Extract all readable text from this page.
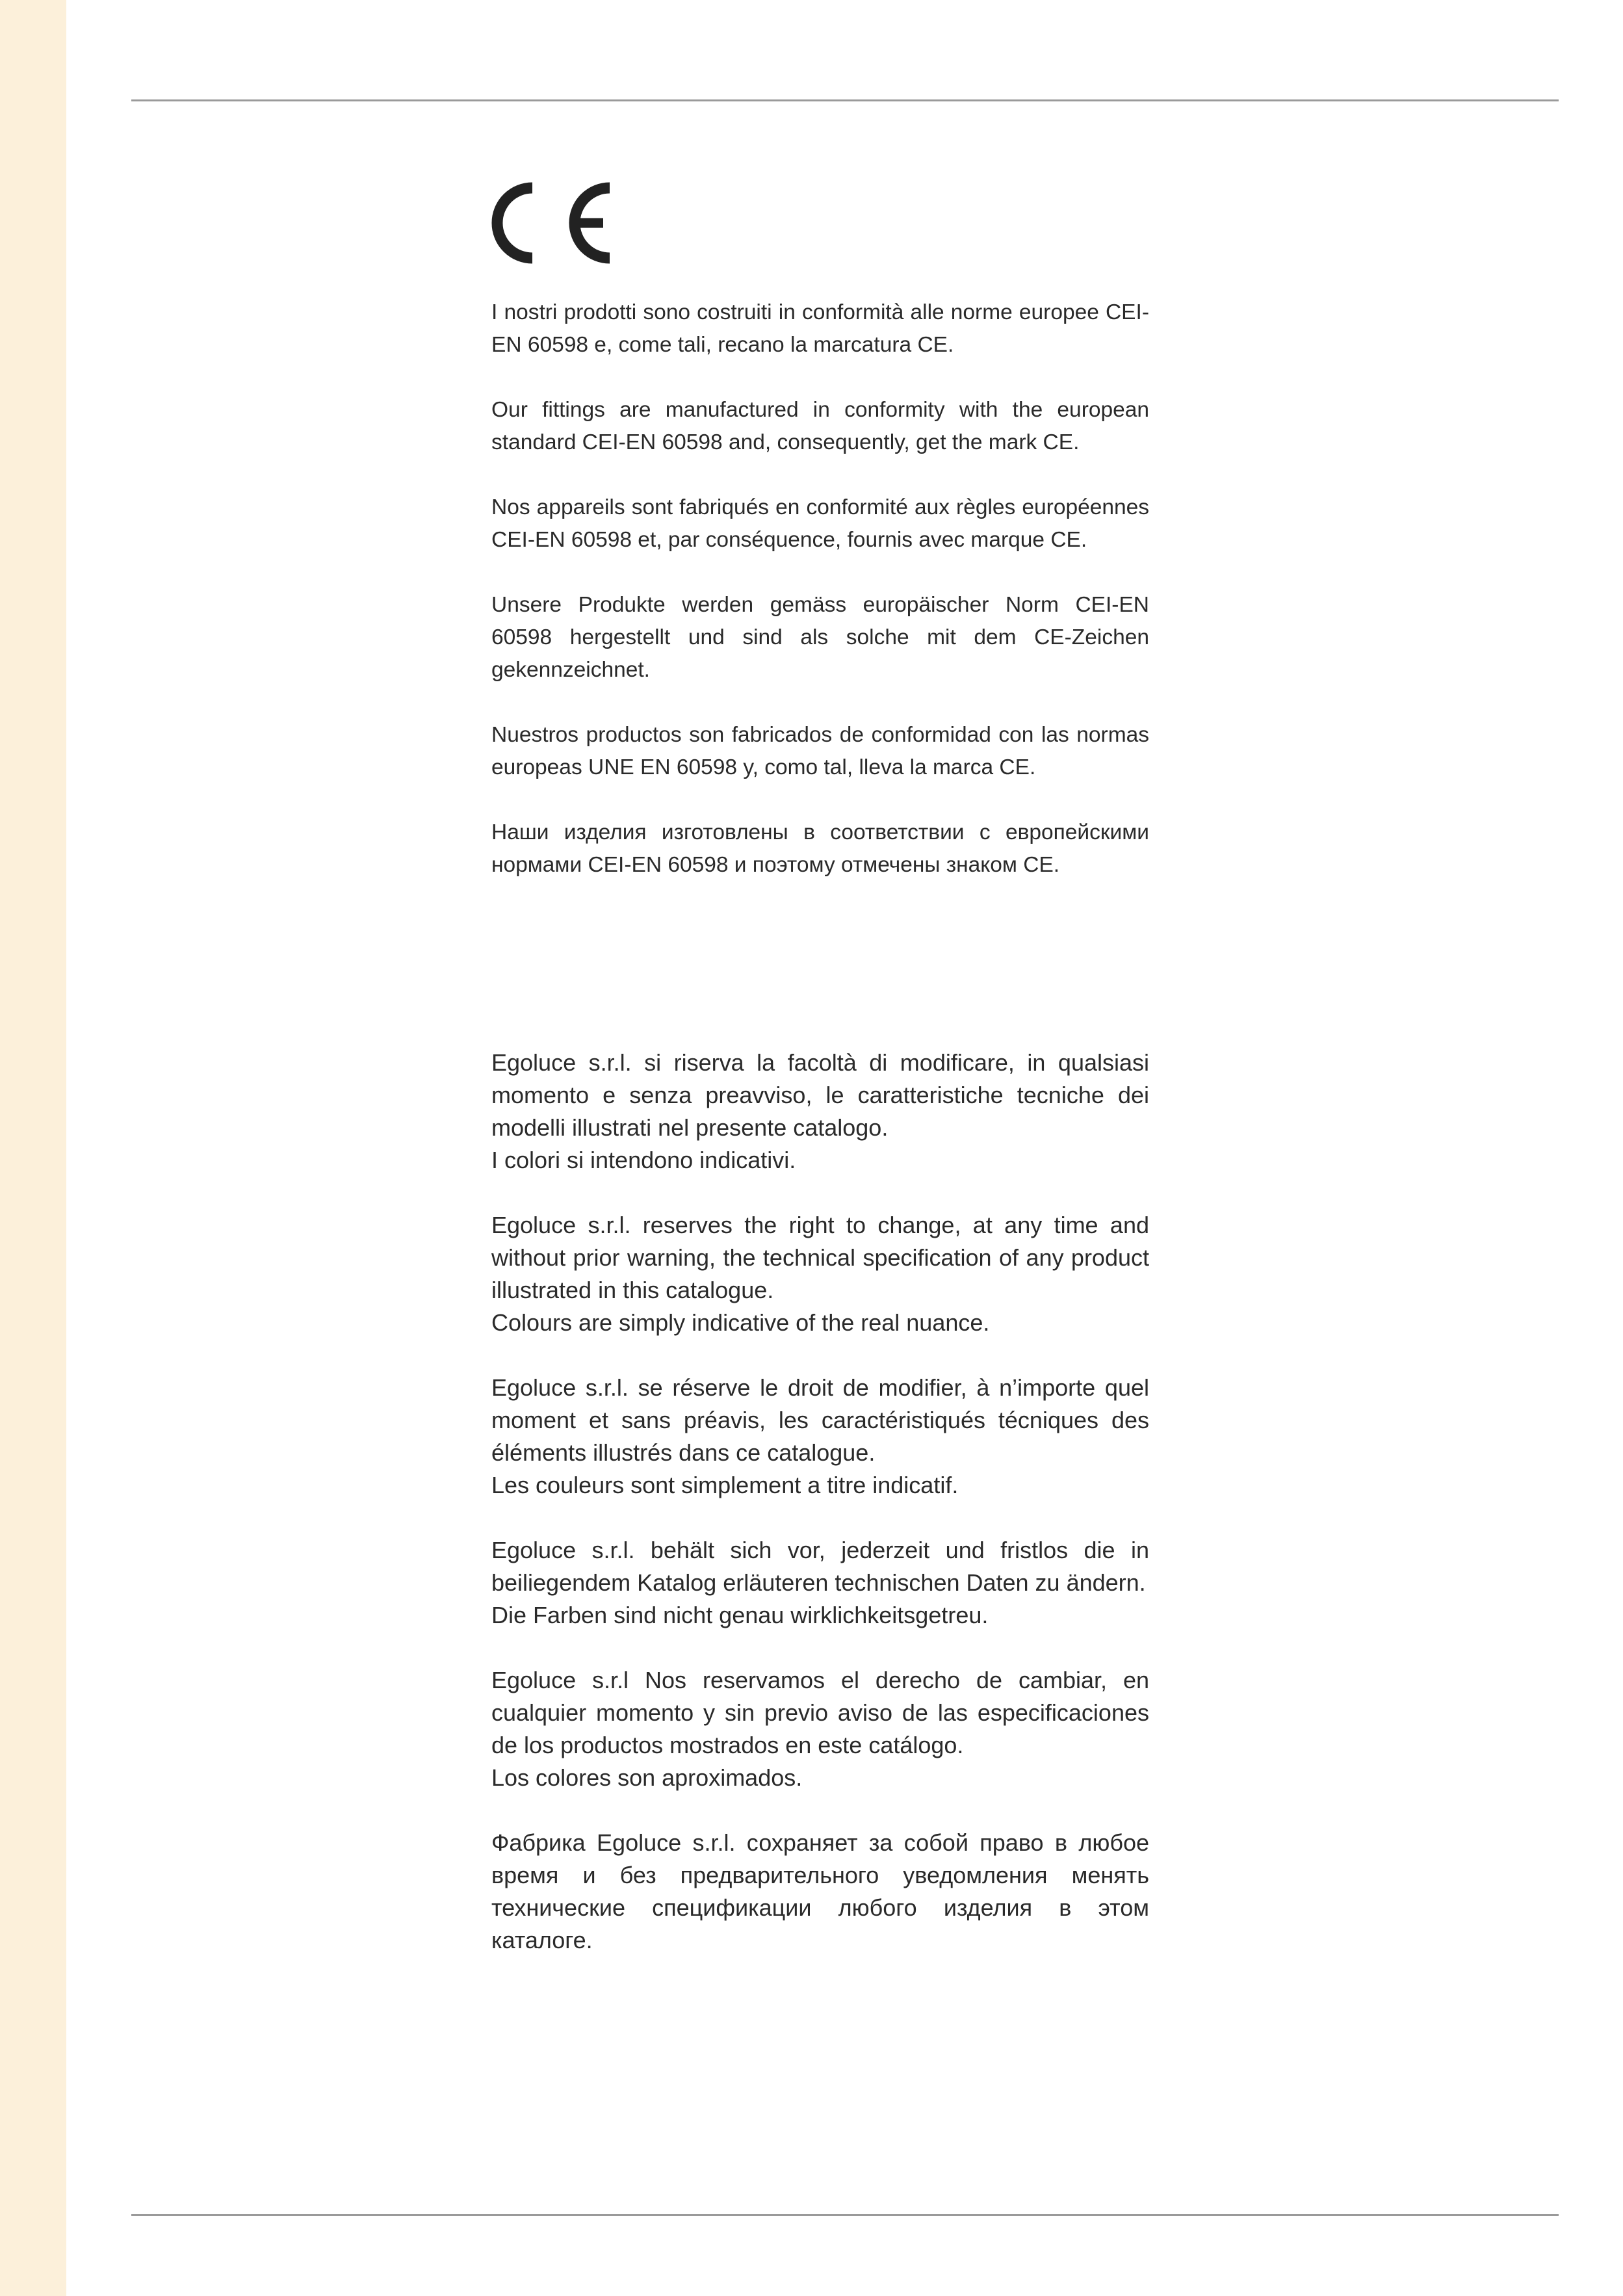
I nostri prodotti sono costruiti in conformità alle norme europee CEI-EN 60598 e, come tali, recano la marcatura CE.

Our fittings are manufactured in conformity with the european standard CEI-EN 60598 and, consequently, get the mark CE.

Nos appareils sont fabriqués en conformité aux règles européennes CEI-EN 60598 et, par conséquence, fournis avec marque CE.

Unsere Produkte werden gemäss europäischer Norm CEI-EN 60598 hergestellt und sind als solche mit dem CE-Zeichen gekennzeichnet.

Nuestros productos son fabricados de conformidad con las normas europeas UNE EN 60598 y, como tal, lleva la marca CE.

Наши изделия изготовлены в соответствии с европейскими нормами CEI-EN 60598 и поэтому отмечены знаком CE.

Egoluce s.r.l. si riserva la facoltà di modificare, in qualsiasi momento e senza preavviso, le caratteristiche tecniche dei modelli illustrati nel presente catalogo.
I colori si intendono indicativi.

Egoluce s.r.l. reserves the right to change, at any time and without prior warning, the technical specification of any product illustrated in this catalogue.
Colours are simply indicative of the real nuance.

Egoluce s.r.l. se réserve le droit de modifier, à n’importe quel moment et sans préavis, les caractéristiqués técniques des éléments illustrés dans ce catalogue.
Les couleurs sont simplement a titre indicatif.

Egoluce s.r.l. behält sich vor, jederzeit und fristlos die in beiliegendem Katalog erläuteren technischen Daten zu ändern.
Die Farben sind nicht genau wirklichkeitsgetreu.

Egoluce s.r.l Nos reservamos el derecho de cambiar, en cualquier momento y sin previo aviso de las especificaciones de los productos mostrados en este catálogo.
Los colores son aproximados.

Фабрика Egoluce s.r.l. сохраняет за собой право в любое время и без предварительного уведомления менять технические спецификации любого изделия в этом каталоге.
